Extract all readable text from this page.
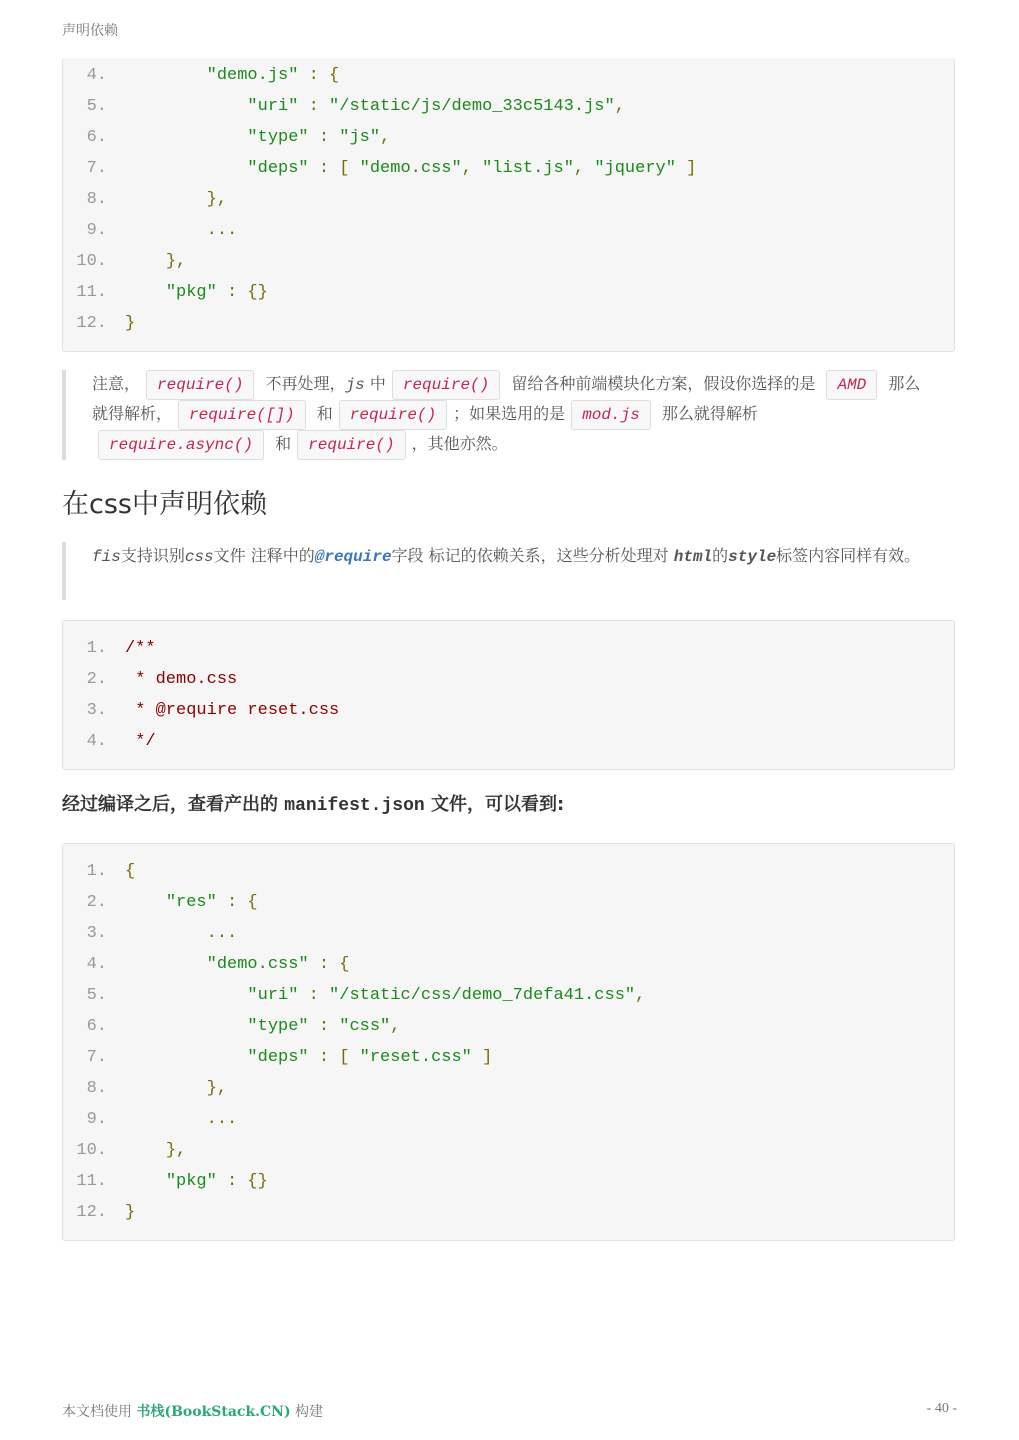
声明依赖
4.	"demo.js" : {
5.	"uri" : "/static/js/demo_33c5143.js",
6.	"type" : "js",
7.	"deps" : [ "demo.css", "list.js", "jquery" ]
8.	},
9.	...
10.	},
11.	"pkg" : {}
12. }
注意， require() 不再处理，js 中 require() 留给各种前端模块化方案，假设你选择的是 AMD 那么就得解析， require([]) 和 require() ；如果选用的是 mod.js 那么就得解析require.async() 和 require() ，其他亦然。
在css中声明依赖
fis支持识别css文件 注释中的@require字段 标记的依赖关系，这些分析处理对 html的style标签内容同样有效。
1. /**
2.	* demo.css
3.	* @require reset.css
4.	*/
经过编译之后，查看产出的 manifest.json 文件，可以看到:
1. {
2.	"res" : {
3.	...
4.	"demo.css" : {
5.	"uri" : "/static/css/demo_7defa41.css",
6.	"type" : "css",
7.	"deps" : [ "reset.css" ]
8.	},
9.	...
10.	},
11.	"pkg" : {}
12. }
本文档使用 书栈(BookStack.CN) 构建	- 40 -
